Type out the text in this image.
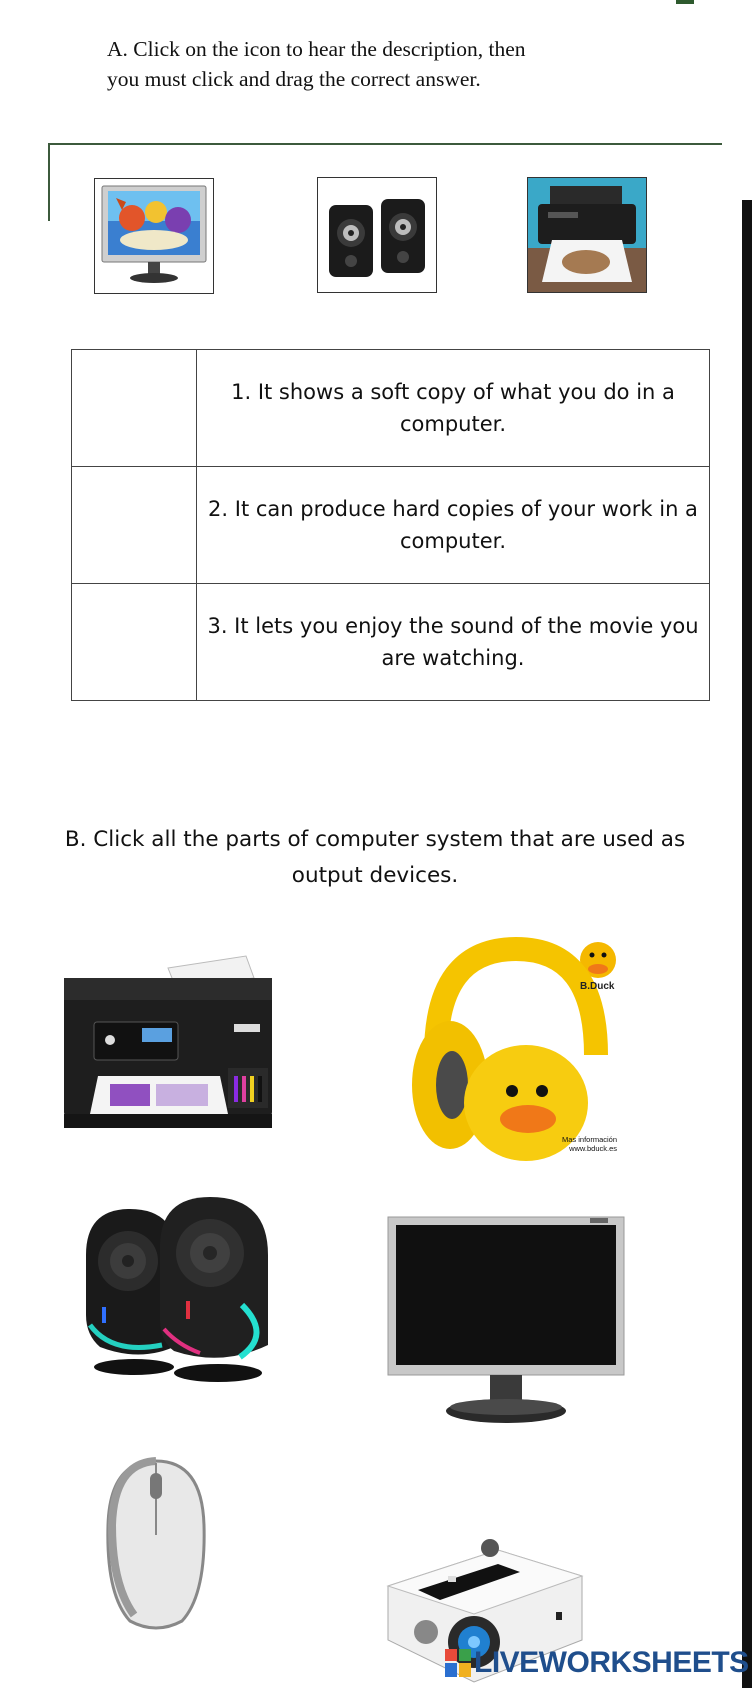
A. Click on the icon to hear the description, then
you must click and drag the correct answer.

	1. It shows a soft copy of what you do in a
computer.

	2. It can produce hard copies of your work in a
computer.

	3. It lets you enjoy the sound of the movie you
are watching.
B. Click all the parts of computer system that are used as
output devices.
B.Duck
Mas información
www.bduck.es
LIVEWORKSHEETS
